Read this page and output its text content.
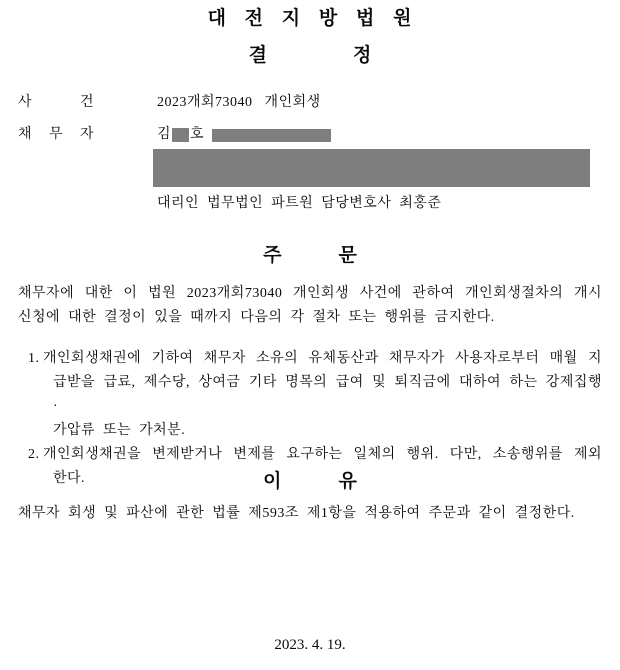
대 전 지 방 법 원
결	정
사	건	2023개회73040   개인회생
채 무 자	김 호
대리인 법무법인 파트원 담당변호사 최홍준
주	문
채무자에 대한 이 법원 2023개회73040 개인회생 사건에 관하여 개인회생절차의 개시
신청에 대한 결정이 있을 때까지 다음의 각 절차 또는 행위를 금지한다.
1. 개인회생채권에 기하여 채무자 소유의 유체동산과 채무자가 사용자로부터 매월 지
급받을 급료, 제수당, 상여금 기타 명목의 급여 및 퇴직금에 대하여 하는 강제집행·
가압류 또는 가처분.
2. 개인회생채권을 변제받거나 변제를 요구하는 일체의 행위. 다만, 소송행위를 제외
한다.	이	유
채무자 회생 및 파산에 관한 법률 제593조 제1항을 적용하여 주문과 같이 결정한다.
2023. 4. 19.
